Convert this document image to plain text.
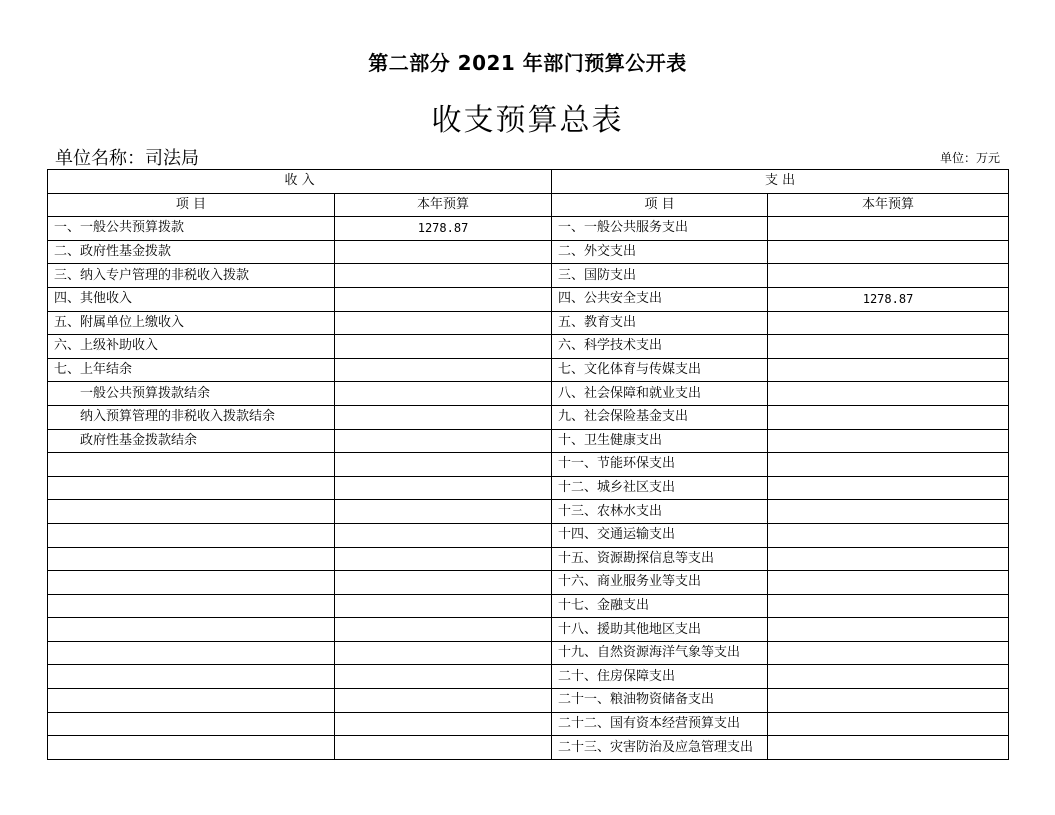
第二部分 2021 年部门预算公开表
收支预算总表
单位名称：司法局	单位：万元
收 入		支 出	
项 目	本年预算	项 目	本年预算
一、一般公共预算拨款	1278.87	一、一般公共服务支出	
二、政府性基金拨款		二、外交支出	
三、纳入专户管理的非税收入拨款		三、国防支出	
四、其他收入		四、公共安全支出	1278.87
五、附属单位上缴收入		五、教育支出	
六、上级补助收入		六、科学技术支出	
七、上年结余		七、文化体育与传媒支出	
一般公共预算拨款结余		八、社会保障和就业支出	
纳入预算管理的非税收入拨款结余		九、社会保险基金支出	
政府性基金拨款结余		十、卫生健康支出	
		十一、节能环保支出	
		十二、城乡社区支出	
		十三、农林水支出	
		十四、交通运输支出	
		十五、资源勘探信息等支出	
		十六、商业服务业等支出	
		十七、金融支出	
		十八、援助其他地区支出	
		十九、自然资源海洋气象等支出	
		二十、住房保障支出	
		二十一、粮油物资储备支出	
		二十二、国有资本经营预算支出	
		二十三、灾害防治及应急管理支出	
